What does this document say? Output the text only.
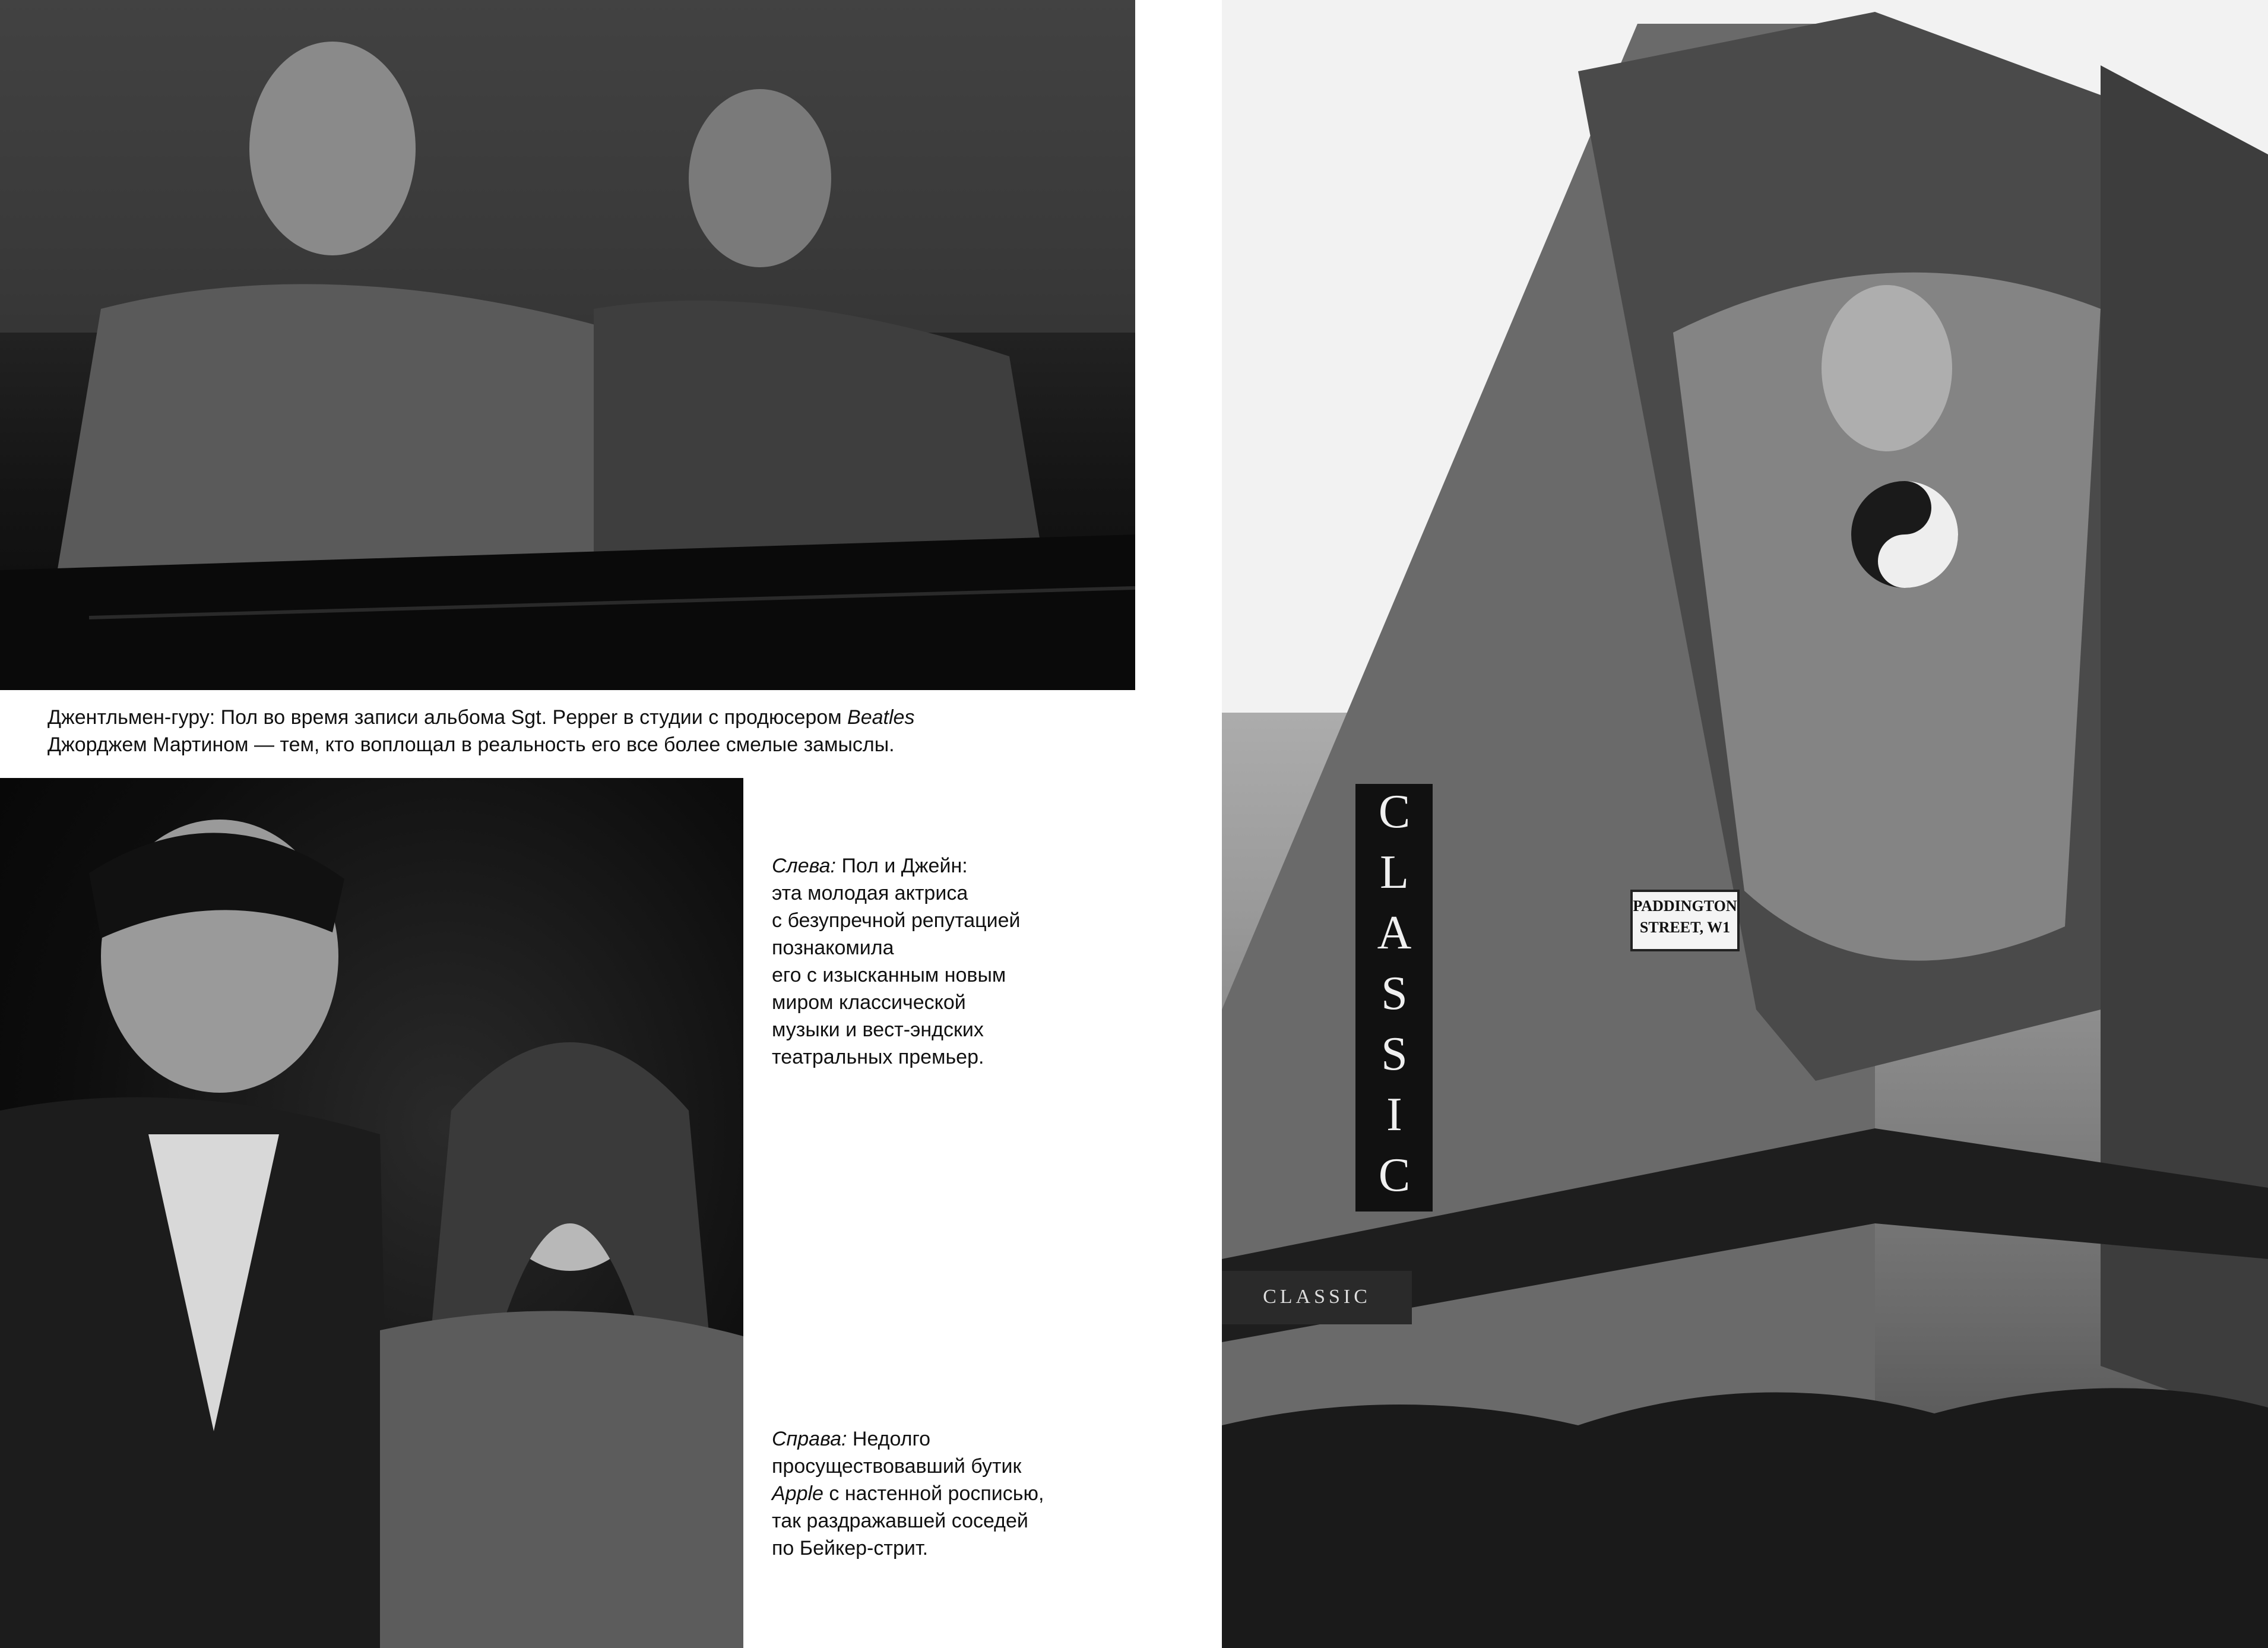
Джентльмен-гуру: Пол во время записи альбома Sgt. Pepper в студии с продюсером Beatles
Джорджем Мартином — тем, кто воплощал в реальность его все более смелые замыслы.
Слева: Пол и Джейн:
эта молодая актриса
с безупречной репутацией
познакомила
его с изысканным новым
миром классической
музыки и вест-эндских
театральных премьер.
Справа: Недолго
просуществовавший бутик
Apple с настенной росписью,
так раздражавшей соседей
по Бейкер-стрит.
CLASSIC	PADDINGTON
STREET, W1
CLASSIC
